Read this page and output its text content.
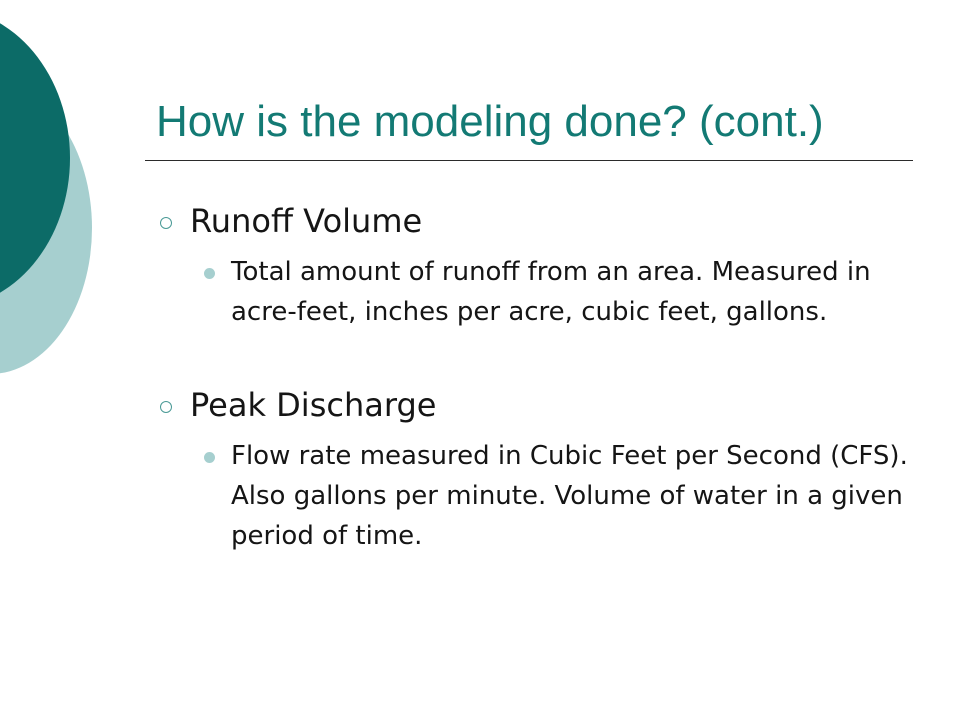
How is the modeling done? (cont.)
Runoff Volume
Total amount of runoff from an area. Measured in acre-feet, inches per acre, cubic feet, gallons.
Peak Discharge
Flow rate measured in Cubic Feet per Second (CFS). Also gallons per minute. Volume of water in a given period of time.
